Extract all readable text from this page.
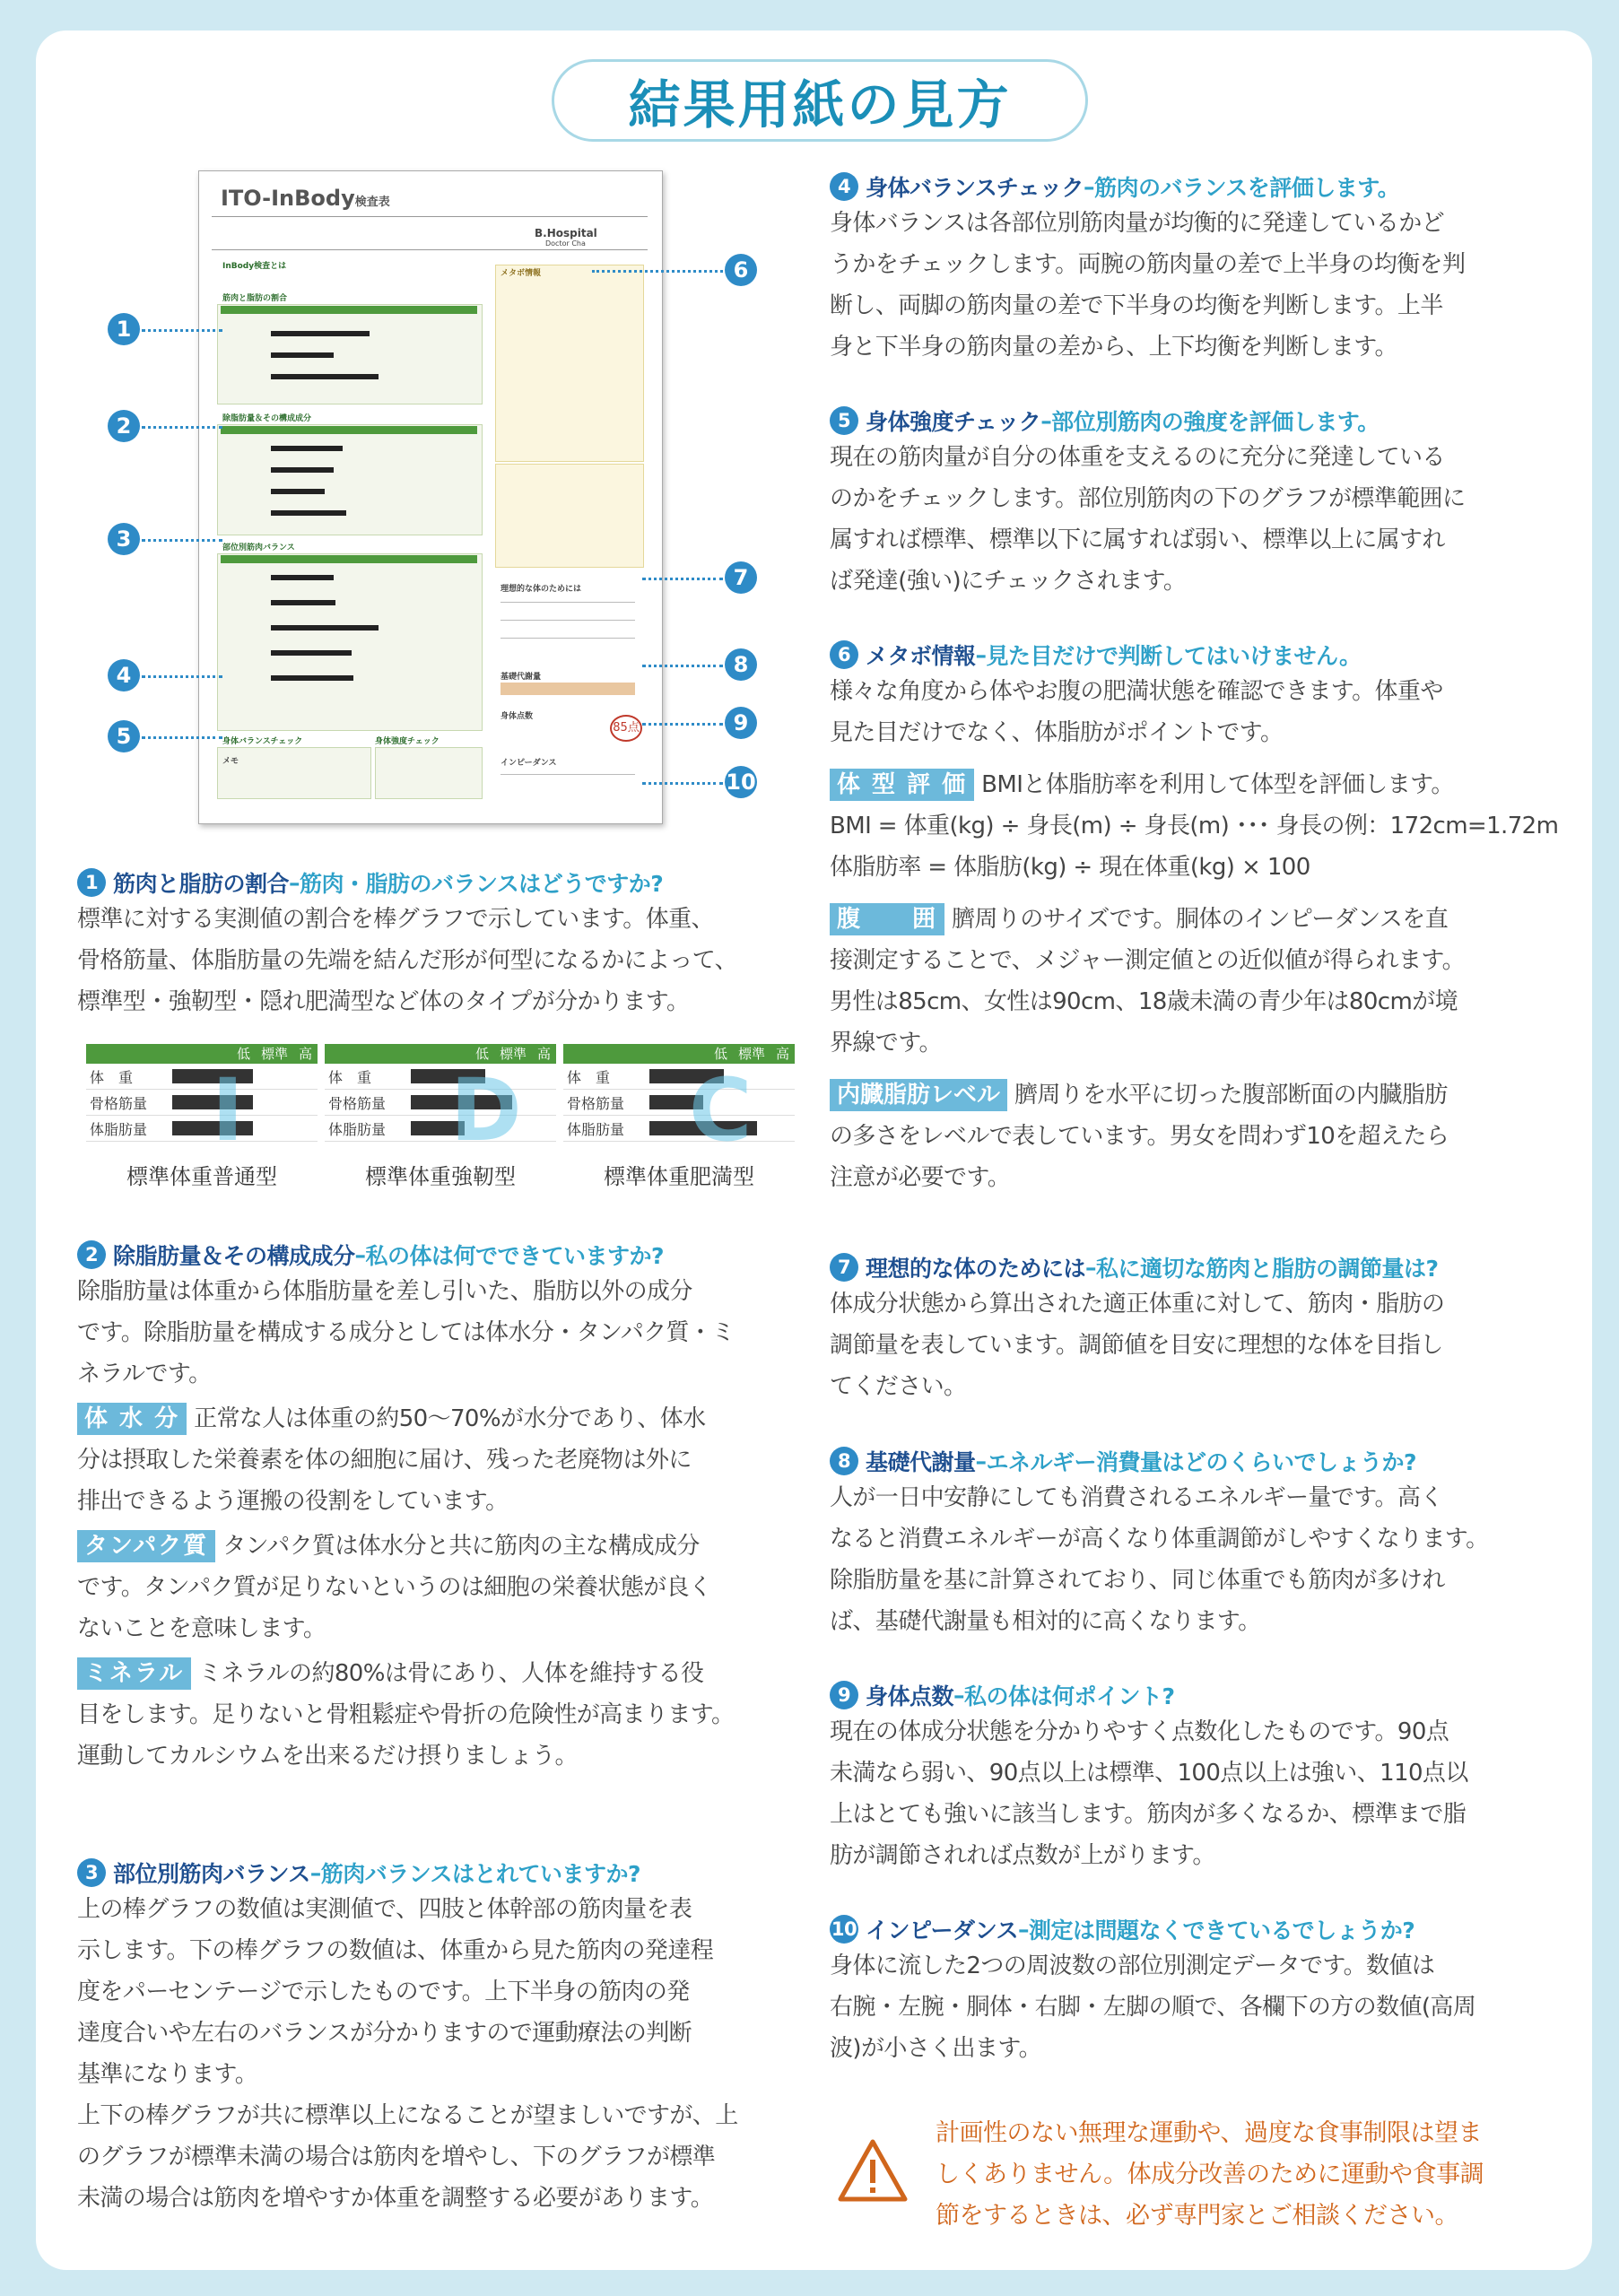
結果用紙の見方
ITO-InBody検査表
B.Hospital
Doctor Cha
InBody検査とは
筋肉と脂肪の割合
除脂肪量＆その構成成分
部位別筋肉バランス
身体バランスチェック	身体強度チェック
メタボ情報
理想的な体のためには
基礎代謝量
身体点数
85点
インピーダンス
メモ
1
2
3
4
5
6
7
8
9
10
1 筋肉と脂肪の割合 – 筋肉・脂肪のバランスはどうですか?
標準に対する実測値の割合を棒グラフで示しています。体重、
骨格筋量、体脂肪量の先端を結んだ形が何型になるかによって、
標準型・強靭型・隠れ肥満型など体のタイプが分かります。
低 標準 高
体　重
骨格筋量
体脂肪量 I
標準体重普通型
低 標準 高
体　重
骨格筋量
体脂肪量 D
標準体重強靭型
低 標準 高
体　重
骨格筋量
体脂肪量 C
標準体重肥満型
2 除脂肪量＆その構成成分 – 私の体は何でできていますか?
除脂肪量は体重から体脂肪量を差し引いた、脂肪以外の成分
です。除脂肪量を構成する成分としては体水分・タンパク質・ミ
ネラルです。
体 水 分 正常な人は体重の約50～70%が水分であり、体水
分は摂取した栄養素を体の細胞に届け、残った老廃物は外に
排出できるよう運搬の役割をしています。
タンパク質 タンパク質は体水分と共に筋肉の主な構成成分
です。タンパク質が足りないというのは細胞の栄養状態が良く
ないことを意味します。
ミネラル ミネラルの約80%は骨にあり、人体を維持する役
目をします。足りないと骨粗鬆症や骨折の危険性が高まります。
運動してカルシウムを出来るだけ摂りましょう。
3 部位別筋肉バランス – 筋肉バランスはとれていますか?
上の棒グラフの数値は実測値で、四肢と体幹部の筋肉量を表
示します。下の棒グラフの数値は、体重から見た筋肉の発達程
度をパーセンテージで示したものです。上下半身の筋肉の発
達度合いや左右のバランスが分かりますので運動療法の判断
基準になります。
上下の棒グラフが共に標準以上になることが望ましいですが、上
のグラフが標準未満の場合は筋肉を増やし、下のグラフが標準
未満の場合は筋肉を増やすか体重を調整する必要があります。
4 身体バランスチェック – 筋肉のバランスを評価します。
身体バランスは各部位別筋肉量が均衡的に発達しているかど
うかをチェックします。両腕の筋肉量の差で上半身の均衡を判
断し、両脚の筋肉量の差で下半身の均衡を判断します。上半
身と下半身の筋肉量の差から、上下均衡を判断します。
5 身体強度チェック – 部位別筋肉の強度を評価します。
現在の筋肉量が自分の体重を支えるのに充分に発達している
のかをチェックします。部位別筋肉の下のグラフが標準範囲に
属すれば標準、標準以下に属すれば弱い、標準以上に属すれ
ば発達(強い)にチェックされます。
6 メタボ情報 – 見た目だけで判断してはいけません。
様々な角度から体やお腹の肥満状態を確認できます。体重や
見た目だけでなく、体脂肪がポイントです。
体 型 評 価 BMIと体脂肪率を利用して体型を評価します。
BMI = 体重(kg) ÷ 身長(m) ÷ 身長(m) ･･･ 身長の例：172cm=1.72m
体脂肪率 = 体脂肪(kg) ÷ 現在体重(kg) × 100
腹　　囲 臍周りのサイズです。胴体のインピーダンスを直
接測定することで、メジャー測定値との近似値が得られます。
男性は85cm、女性は90cm、18歳未満の青少年は80cmが境
界線です。
内臓脂肪レベル 臍周りを水平に切った腹部断面の内臓脂肪
の多さをレベルで表しています。男女を問わず10を超えたら
注意が必要です。
7 理想的な体のためには – 私に適切な筋肉と脂肪の調節量は?
体成分状態から算出された適正体重に対して、筋肉・脂肪の
調節量を表しています。調節値を目安に理想的な体を目指し
てください。
8 基礎代謝量 – エネルギー消費量はどのくらいでしょうか?
人が一日中安静にしても消費されるエネルギー量です。高く
なると消費エネルギーが高くなり体重調節がしやすくなります。
除脂肪量を基に計算されており、同じ体重でも筋肉が多けれ
ば、基礎代謝量も相対的に高くなります。
9 身体点数 – 私の体は何ポイント?
現在の体成分状態を分かりやすく点数化したものです。90点
未満なら弱い、90点以上は標準、100点以上は強い、110点以
上はとても強いに該当します。筋肉が多くなるか、標準まで脂
肪が調節されれば点数が上がります。
10 インピーダンス – 測定は問題なくできているでしょうか?
身体に流した2つの周波数の部位別測定データです。数値は
右腕・左腕・胴体・右脚・左脚の順で、各欄下の方の数値(高周
波)が小さく出ます。
計画性のない無理な運動や、過度な食事制限は望ま
しくありません。体成分改善のために運動や食事調
節をするときは、必ず専門家とご相談ください。
